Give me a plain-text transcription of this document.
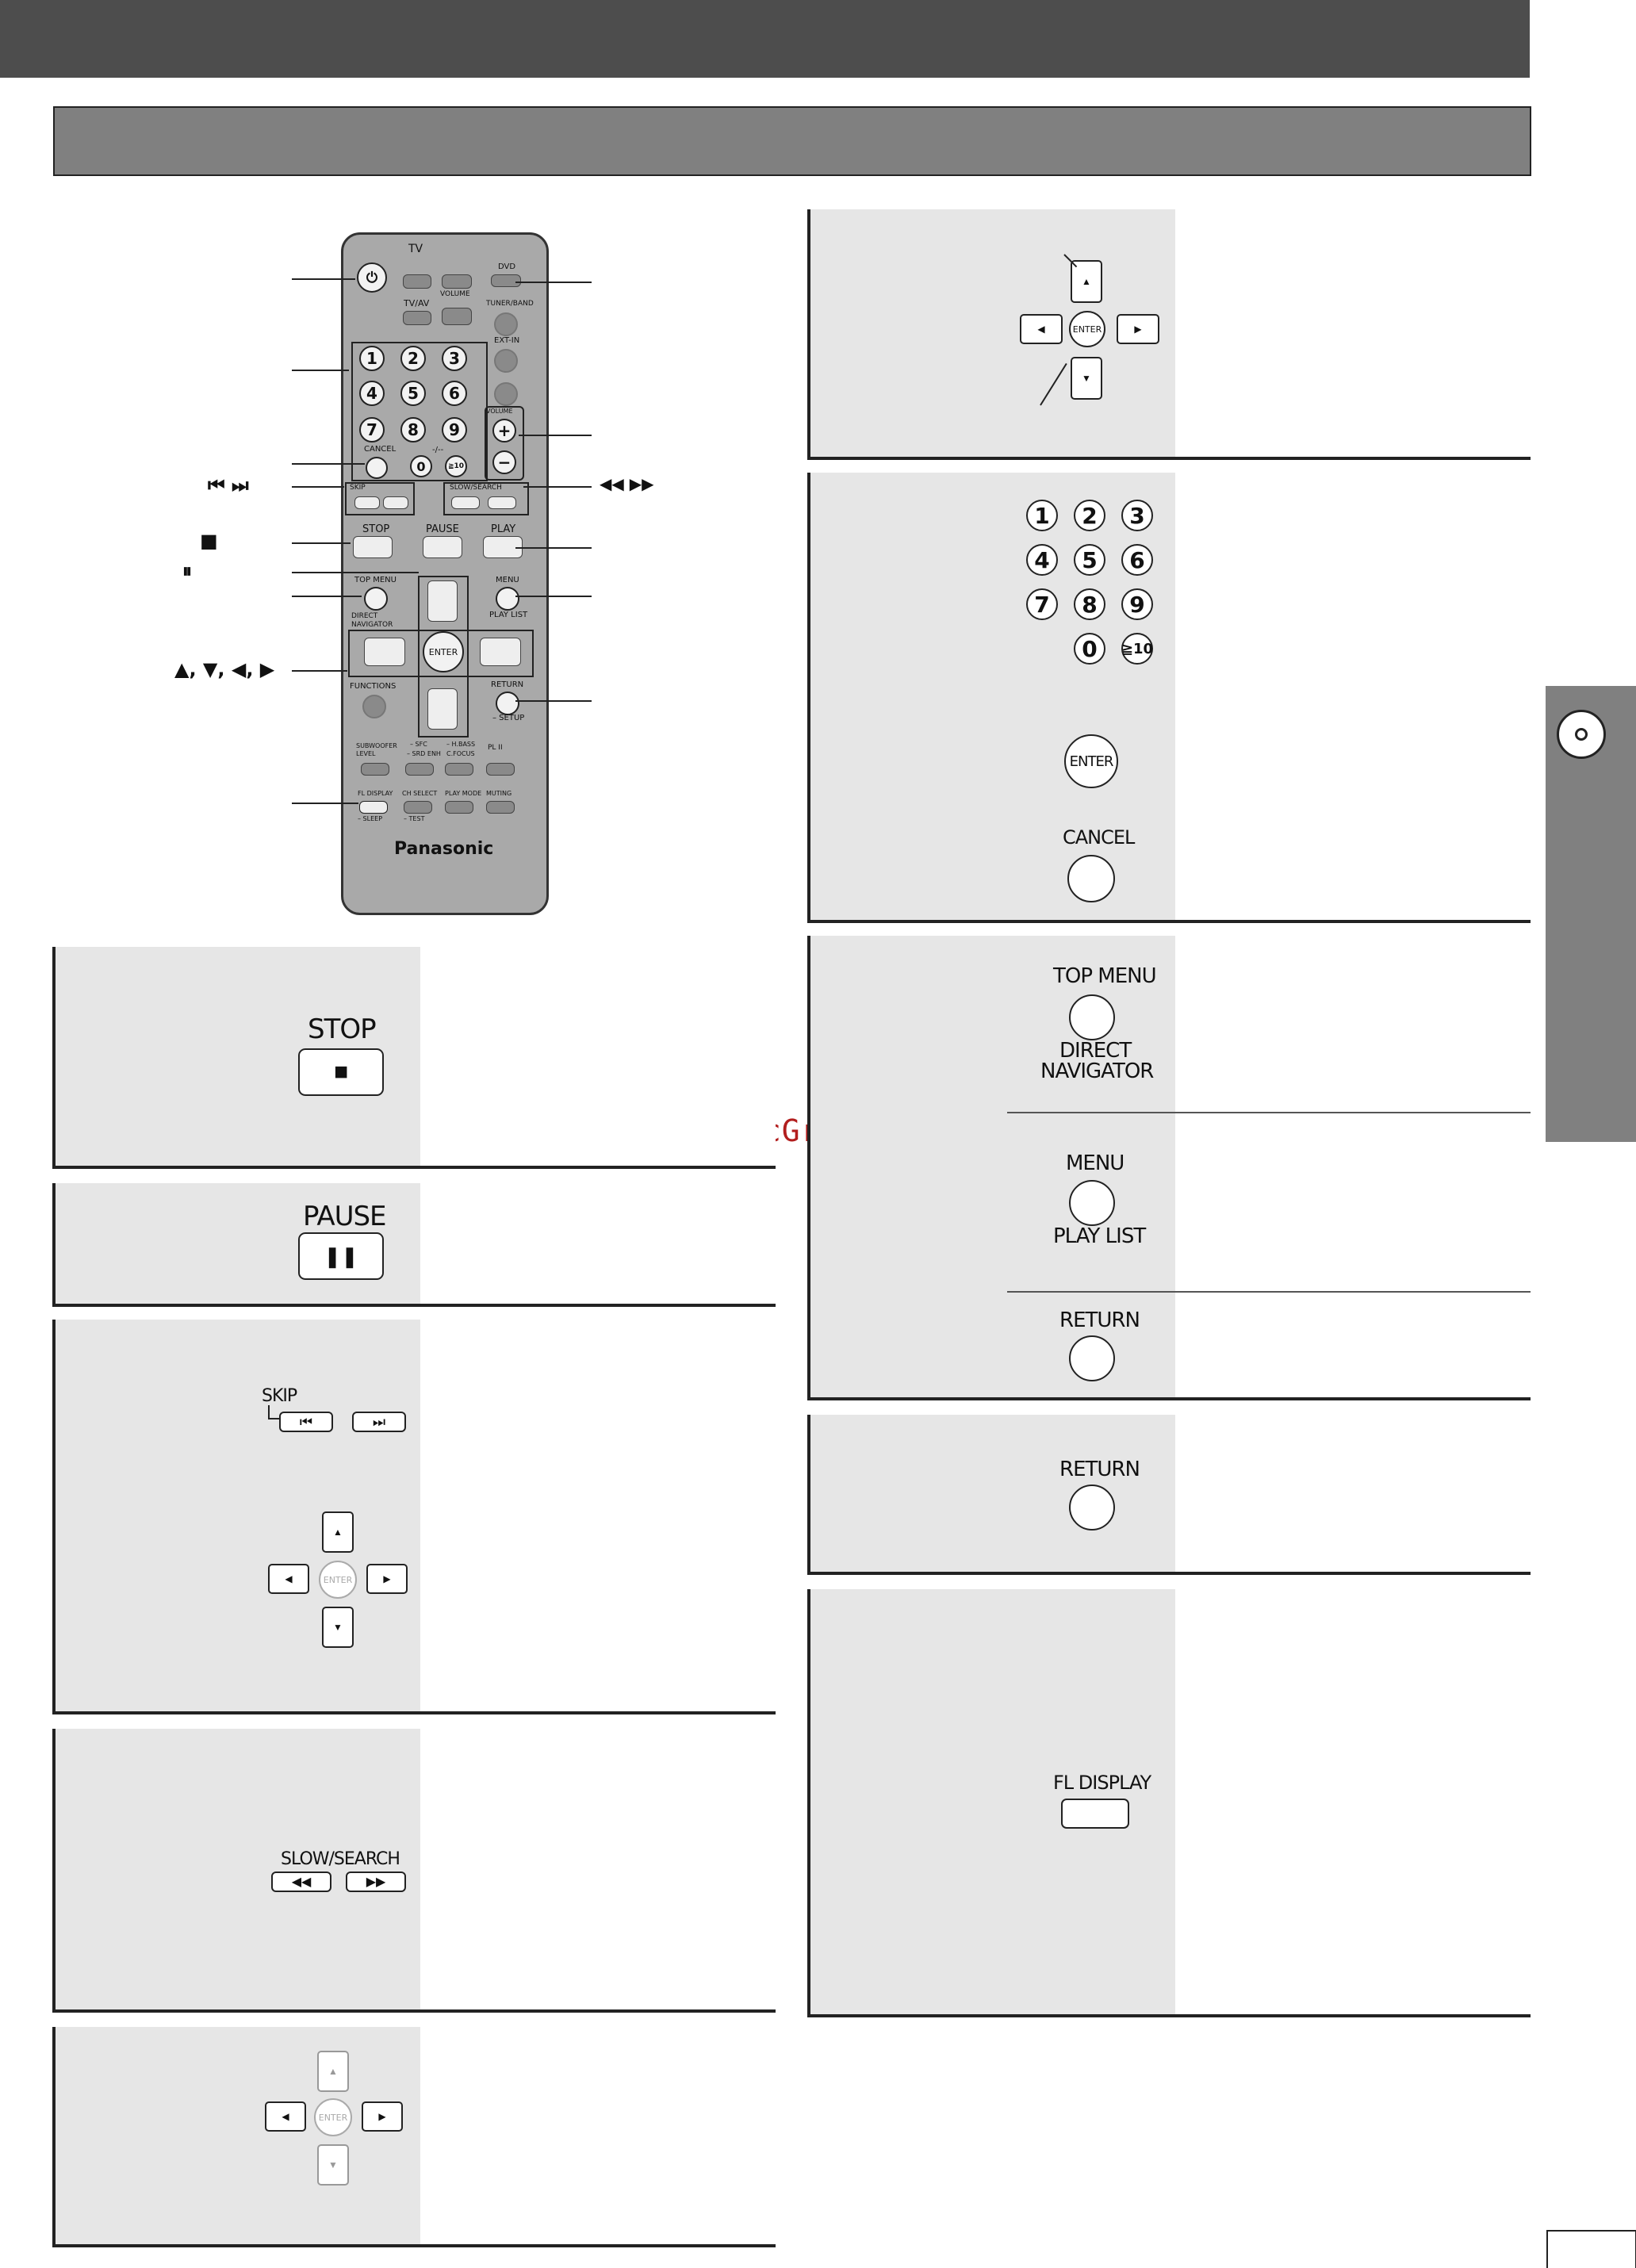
⏻
TV
TV/AV
VOLUME
DVD
TUNER/BAND
EXT-IN
1	2	3
4	5	6
7	8	9
CANCEL	-/--
0	≧10
VOLUME
+
−
SKIP	SLOW/SEARCH
STOP	PAUSE	PLAY
TOP MENU
DIRECT NAVIGATOR
MENU
PLAY LIST
ENTER
FUNCTIONS	RETURN
– SETUP
SUBWOOFER LEVEL
– SFC
– SRD ENH
– H.BASS
C.FOCUS
PL II
FL DISPLAY
– SLEEP
CH SELECT
– TEST
PLAY MODE MUTING
Panasonic
⏮ ⏭
■
⏸
▲, ▼, ◀, ▶
◀◀ ▶▶
STOP
■
PAUSE
❚❚
SKIP
⏮	⏭
▲
◀	ENTER	▶
▼
SLOW/SEARCH
◀◀	▶▶
▲
◀	ENTER	▶
▼
▲
◀	ENTER	▶
▼
1	2	3
4	5	6
7	8	9
0	≧10
ENTER
CANCEL
TOP MENU
DIRECT
NAVIGATOR
MENU
PLAY LIST
RETURN
RETURN
FL DISPLAY
